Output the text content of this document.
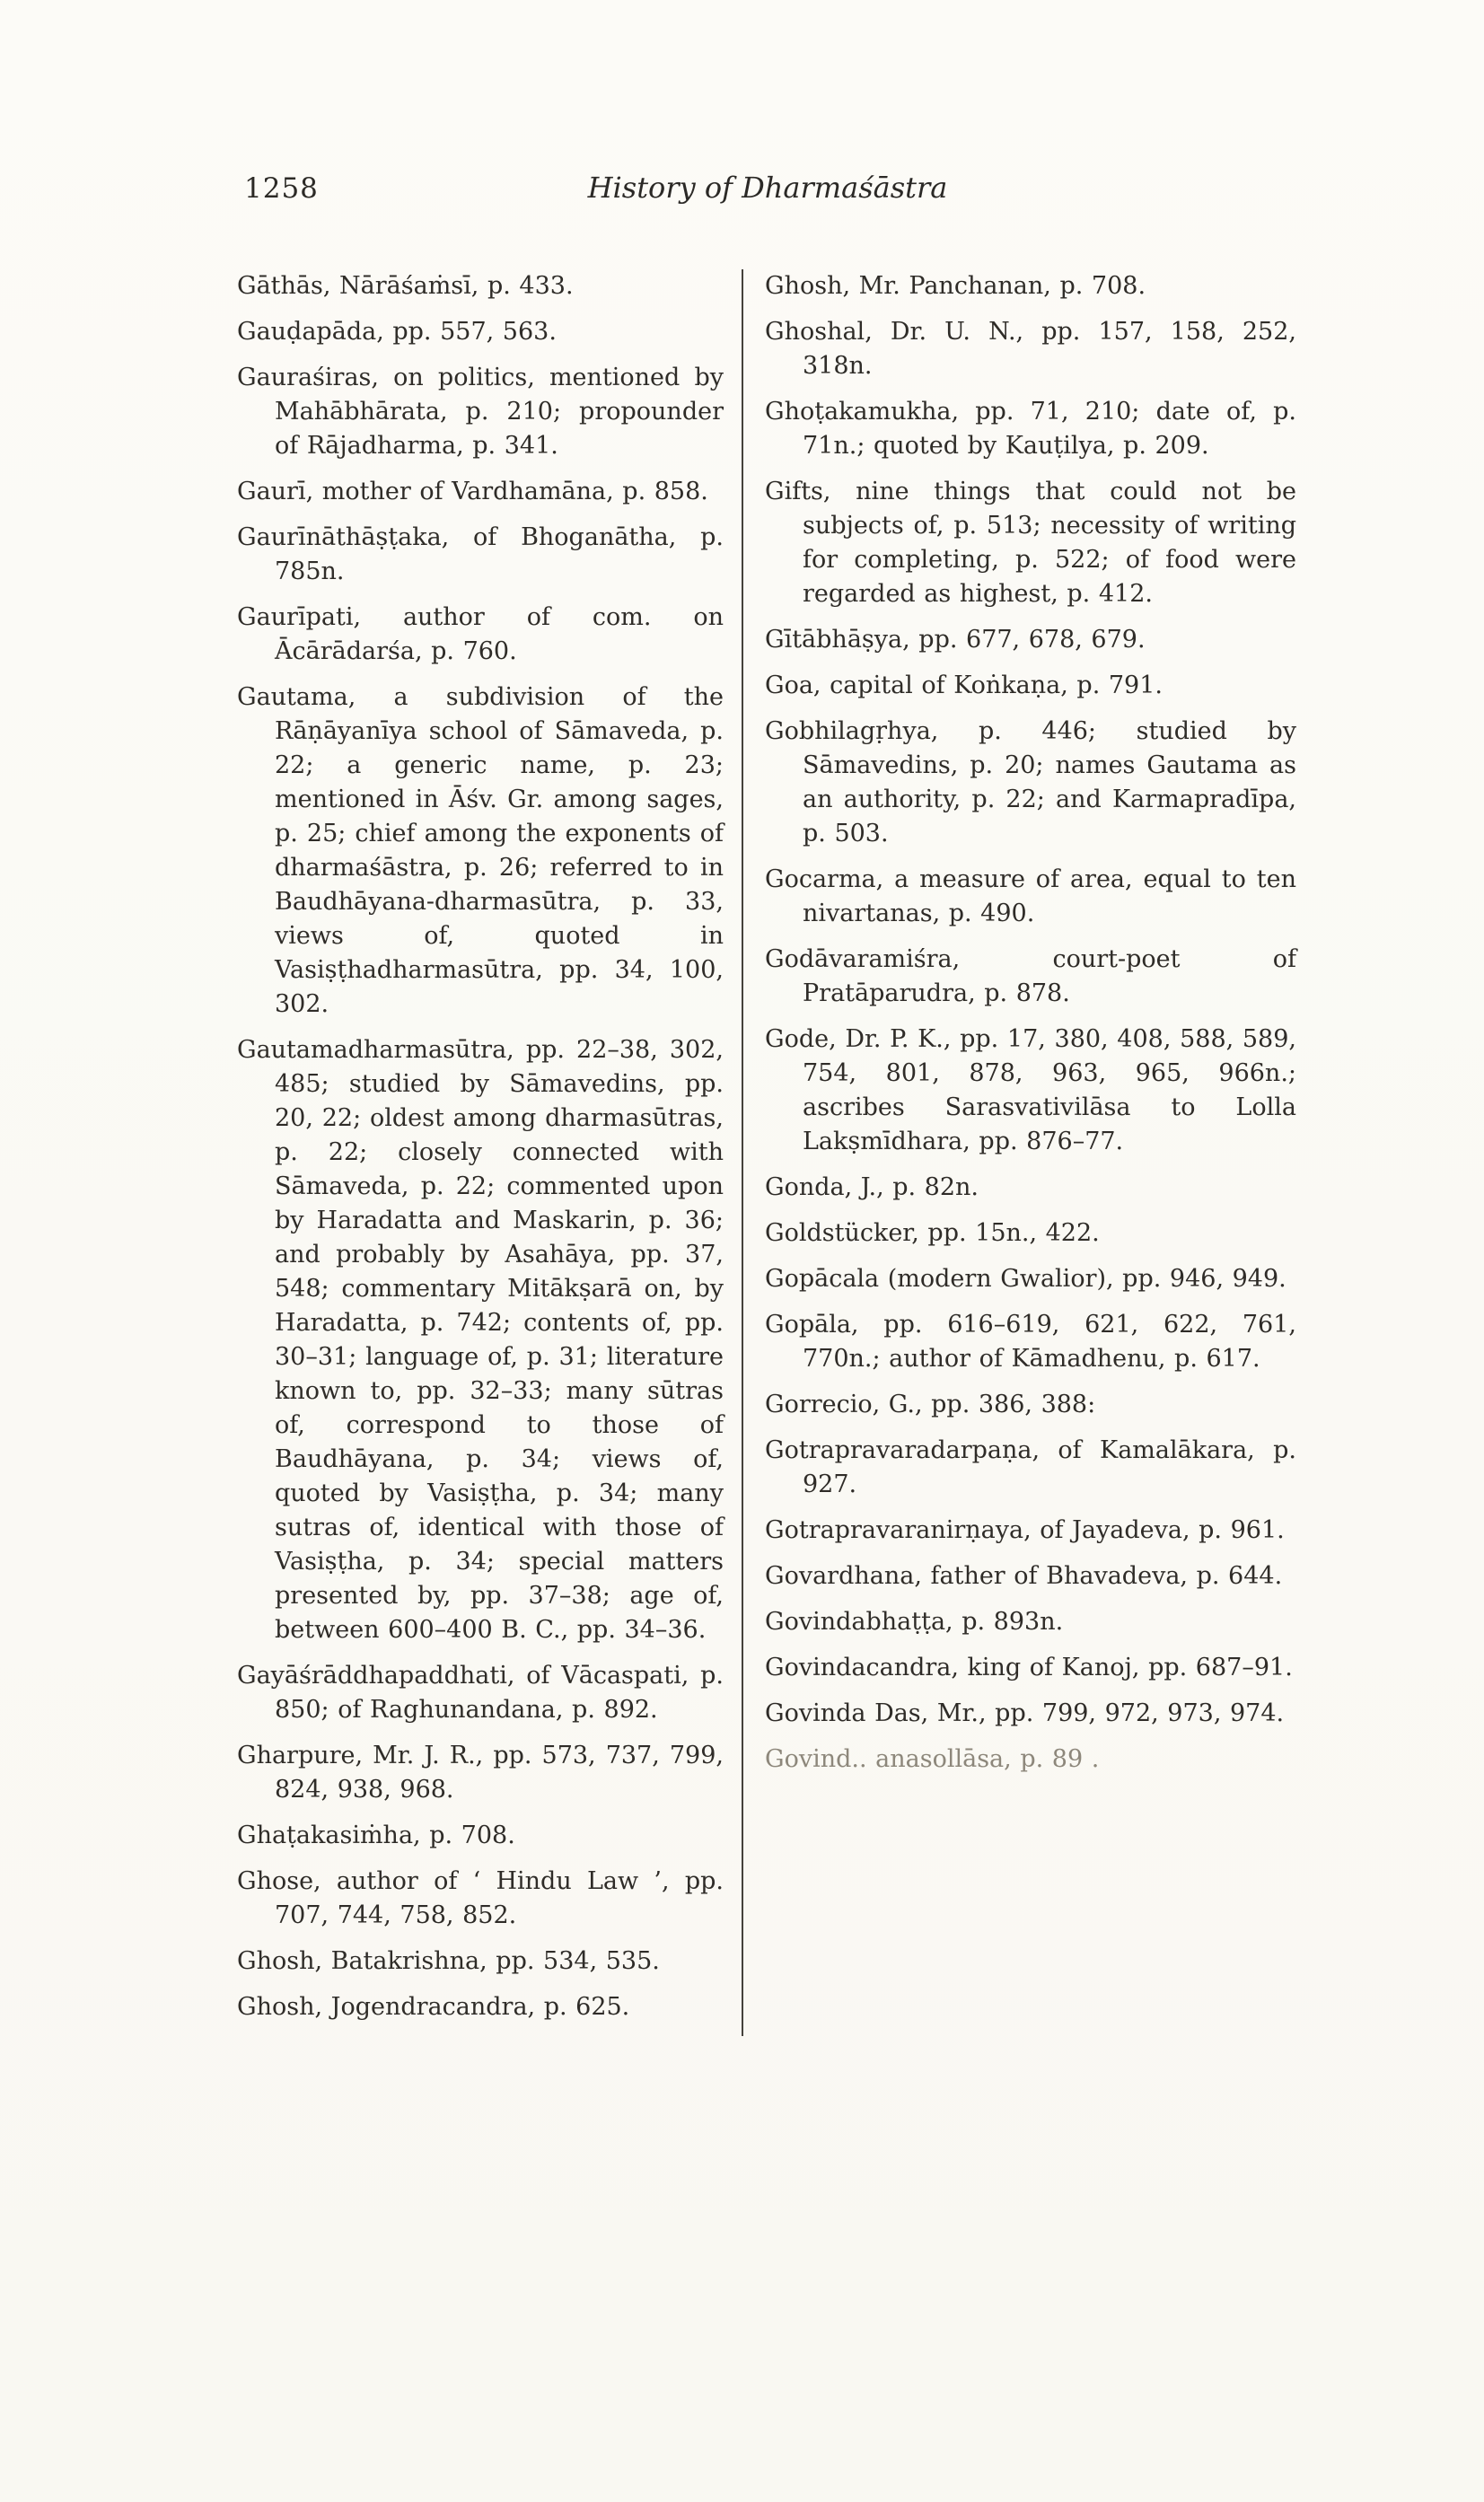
1258	History of Dharmaśāstra
Gāthās, Nārāśaṁsī, p. 433.
Gauḍapāda, pp. 557, 563.
Gauraśiras, on politics, mentioned by Mahābhārata, p. 210; propounder of Rājadharma, p. 341.
Gaurī, mother of Vardhamāna, p. 858.
Gaurīnāthāṣṭaka, of Bhoganātha, p. 785n.
Gaurīpati, author of com. on Ācārādarśa, p. 760.
Gautama, a subdivision of the Rāṇāyanīya school of Sāmaveda, p. 22; a generic name, p. 23; mentioned in Āśv. Gr. among sages, p. 25; chief among the exponents of dharmaśāstra, p. 26; referred to in Baudhāyana-dharmasūtra, p. 33, views of, quoted in Vasiṣṭhadharmasūtra, pp. 34, 100, 302.
Gautamadharmasūtra, pp. 22–38, 302, 485; studied by Sāmavedins, pp. 20, 22; oldest among dharmasūtras, p. 22; closely connected with Sāmaveda, p. 22; commented upon by Haradatta and Maskarin, p. 36; and probably by Asahāya, pp. 37, 548; commentary Mitākṣarā on, by Haradatta, p. 742; contents of, pp. 30–31; language of, p. 31; literature known to, pp. 32–33; many sūtras of, correspond to those of Baudhāyana, p. 34; views of, quoted by Vasiṣṭha, p. 34; many sutras of, identical with those of Vasiṣṭha, p. 34; special matters presented by, pp. 37–38; age of, between 600–400 B. C., pp. 34–36.
Gayāśrāddhapaddhati, of Vācaspati, p. 850; of Raghunandana, p. 892.
Gharpure, Mr. J. R., pp. 573, 737, 799, 824, 938, 968.
Ghaṭakasiṁha, p. 708.
Ghose, author of ‘ Hindu Law ’, pp. 707, 744, 758, 852.
Ghosh, Batakrishna, pp. 534, 535.
Ghosh, Jogendracandra, p. 625.
Ghosh, Mr. Panchanan, p. 708.
Ghoshal, Dr. U. N., pp. 157, 158, 252, 318n.
Ghoṭakamukha, pp. 71, 210; date of, p. 71n.; quoted by Kauṭilya, p. 209.
Gifts, nine things that could not be subjects of, p. 513; necessity of writing for completing, p. 522; of food were regarded as highest, p. 412.
Gītābhāṣya, pp. 677, 678, 679.
Goa, capital of Koṅkaṇa, p. 791.
Gobhilagṛhya, p. 446; studied by Sāmavedins, p. 20; names Gautama as an authority, p. 22; and Karmapradīpa, p. 503.
Gocarma, a measure of area, equal to ten nivartanas, p. 490.
Godāvaramiśra, court-poet of Pratāparudra, p. 878.
Gode, Dr. P. K., pp. 17, 380, 408, 588, 589, 754, 801, 878, 963, 965, 966n.; ascribes Sarasvativilāsa to Lolla Lakṣmīdhara, pp. 876–77.
Gonda, J., p. 82n.
Goldstücker, pp. 15n., 422.
Gopācala (modern Gwalior), pp. 946, 949.
Gopāla, pp. 616–619, 621, 622, 761, 770n.; author of Kāmadhenu, p. 617.
Gorrecio, G., pp. 386, 388:
Gotrapravaradarpaṇa, of Kamalākara, p. 927.
Gotrapravaranirṇaya, of Jayadeva, p. 961.
Govardhana, father of Bhavadeva, p. 644.
Govindabhaṭṭa, p. 893n.
Govindacandra, king of Kanoj, pp. 687–91.
Govinda Das, Mr., pp. 799, 972, 973, 974.
Govind.. anasollāsa, p. 89 .
